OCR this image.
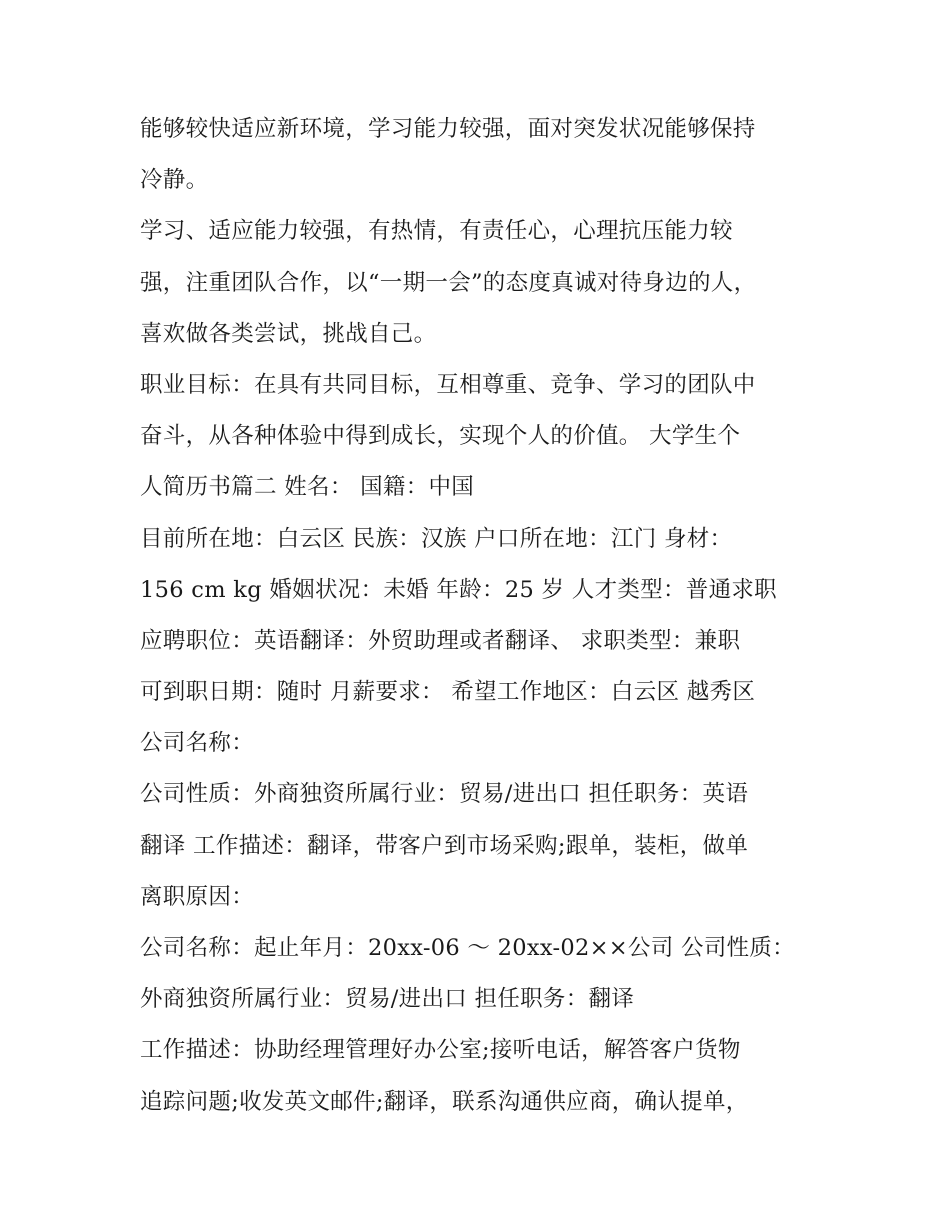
能够较快适应新环境，学习能力较强，面对突发状况能够保持
冷静。
学习、适应能力较强，有热情，有责任心，心理抗压能力较
强，注重团队合作，以“一期一会”的态度真诚对待身边的人，
喜欢做各类尝试，挑战自己。
职业目标：在具有共同目标，互相尊重、竞争、学习的团队中
奋斗，从各种体验中得到成长，实现个人的价值。 大学生个
人简历书篇二 姓名： 国籍：中国
目前所在地：白云区 民族：汉族 户口所在地：江门 身材：
156 cm kg 婚姻状况：未婚 年龄：25 岁 人才类型：普通求职
应聘职位：英语翻译：外贸助理或者翻译、 求职类型：兼职
可到职日期：随时 月薪要求： 希望工作地区：白云区 越秀区
公司名称：
公司性质：外商独资所属行业：贸易/进出口 担任职务：英语
翻译 工作描述：翻译，带客户到市场采购;跟单，装柜，做单
离职原因：
公司名称：起止年月：20xx-06 ～ 20xx-02××公司 公司性质：
外商独资所属行业：贸易/进出口 担任职务：翻译
工作描述：协助经理管理好办公室;接听电话，解答客户货物
追踪问题;收发英文邮件;翻译，联系沟通供应商，确认提单，
